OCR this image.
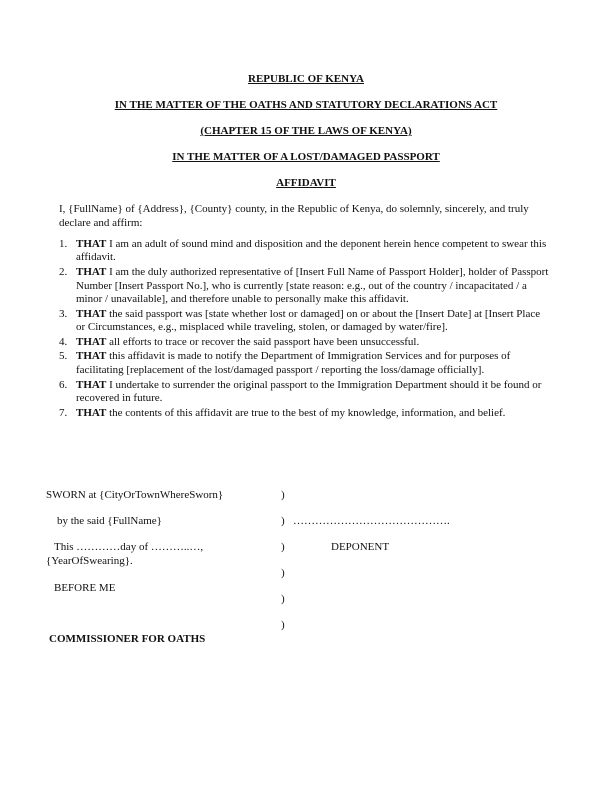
REPUBLIC OF KENYA
IN THE MATTER OF THE OATHS AND STATUTORY DECLARATIONS ACT
(CHAPTER 15 OF THE LAWS OF KENYA)
IN THE MATTER OF A LOST/DAMAGED PASSPORT
AFFIDAVIT
I, {FullName} of {Address}, {County} county, in the Republic of Kenya, do solemnly, sincerely, and truly declare and affirm:
1. THAT I am an adult of sound mind and disposition and the deponent herein hence competent to swear this affidavit.
2. THAT I am the duly authorized representative of [Insert Full Name of Passport Holder], holder of Passport Number [Insert Passport No.], who is currently [state reason: e.g., out of the country / incapacitated / a minor / unavailable], and therefore unable to personally make this affidavit.
3. THAT the said passport was [state whether lost or damaged] on or about the [Insert Date] at [Insert Place or Circumstances, e.g., misplaced while traveling, stolen, or damaged by water/fire].
4. THAT all efforts to trace or recover the said passport have been unsuccessful.
5. THAT this affidavit is made to notify the Department of Immigration Services and for purposes of facilitating [replacement of the lost/damaged passport / reporting the loss/damage officially].
6. THAT I undertake to surrender the original passport to the Immigration Department should it be found or recovered in future.
7. THAT the contents of this affidavit are true to the best of my knowledge, information, and belief.
SWORN at {CityOrTownWhereSworn}
by the said {FullName}
This …………day of ………..…,
{YearOfSwearing}.
BEFORE ME
COMMISSIONER FOR OATHS
)
)
)
)
)
)
…………………………………….
DEPONENT
